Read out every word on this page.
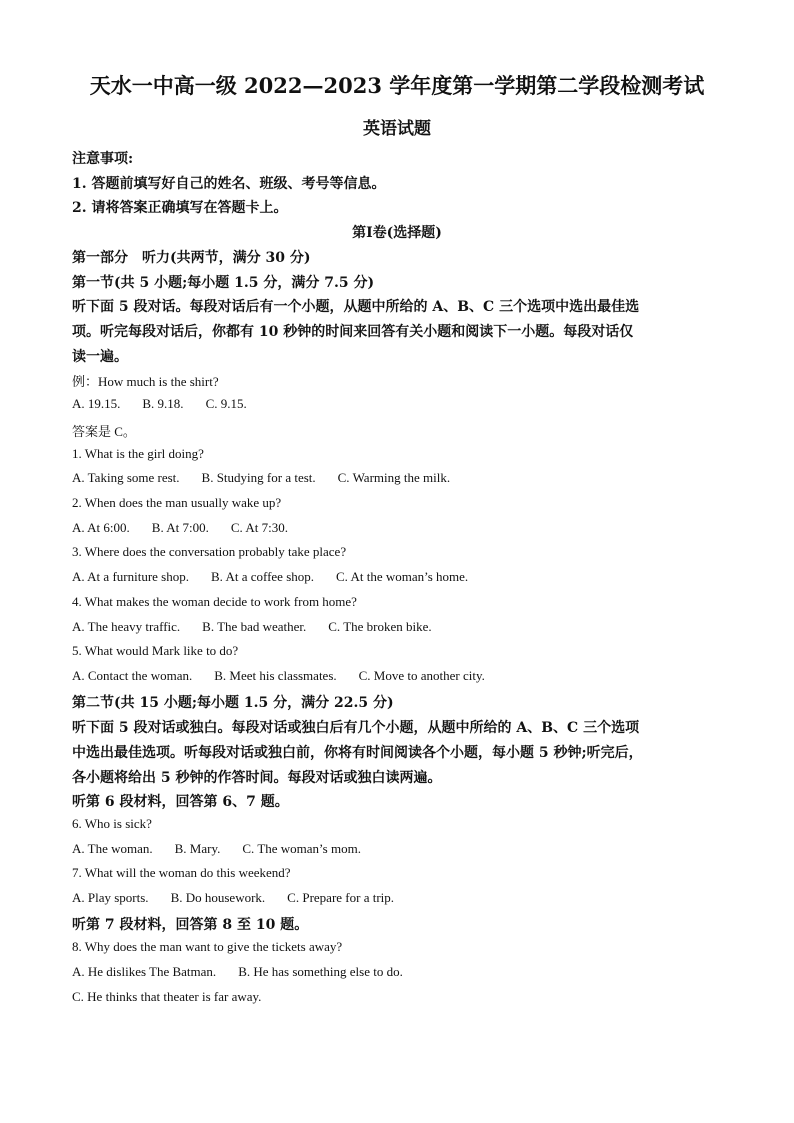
天水一中高一级 2022—2023 学年度第一学期第二学段检测考试
英语试题
注意事项:
1. 答题前填写好自己的姓名、班级、考号等信息。
2. 请将答案正确填写在答题卡上。
第Ⅰ卷(选择题)
第一部分　听力(共两节，满分 30 分)
第一节(共 5 小题;每小题 1.5 分，满分 7.5 分)
听下面 5 段对话。每段对话后有一个小题，从题中所给的 A、B、C 三个选项中选出最佳选
项。听完每段对话后，你都有 10 秒钟的时间来回答有关小题和阅读下一小题。每段对话仅
读一遍。
例：How much is the shirt?
A. 19.15. B. 9.18. C. 9.15.
答案是 C。
1. What is the girl doing?
A. Taking some rest. B. Studying for a test. C. Warming the milk.
2. When does the man usually wake up?
A. At 6:00. B. At 7:00. C. At 7:30.
3. Where does the conversation probably take place?
A. At a furniture shop. B. At a coffee shop. C. At the woman’s home.
4. What makes the woman decide to work from home?
A. The heavy traffic. B. The bad weather. C. The broken bike.
5. What would Mark like to do?
A. Contact the woman. B. Meet his classmates. C. Move to another city.
第二节(共 15 小题;每小题 1.5 分，满分 22.5 分)
听下面 5 段对话或独白。每段对话或独白后有几个小题，从题中所给的 A、B、C 三个选项
中选出最佳选项。听每段对话或独白前，你将有时间阅读各个小题，每小题 5 秒钟;听完后，
各小题将给出 5 秒钟的作答时间。每段对话或独白读两遍。
听第 6 段材料，回答第 6、7 题。
6. Who is sick?
A. The woman. B. Mary. C. The woman’s mom.
7. What will the woman do this weekend?
A. Play sports. B. Do housework. C. Prepare for a trip.
听第 7 段材料，回答第 8 至 10 题。
8. Why does the man want to give the tickets away?
A. He dislikes The Batman. B. He has something else to do.
C. He thinks that theater is far away.
